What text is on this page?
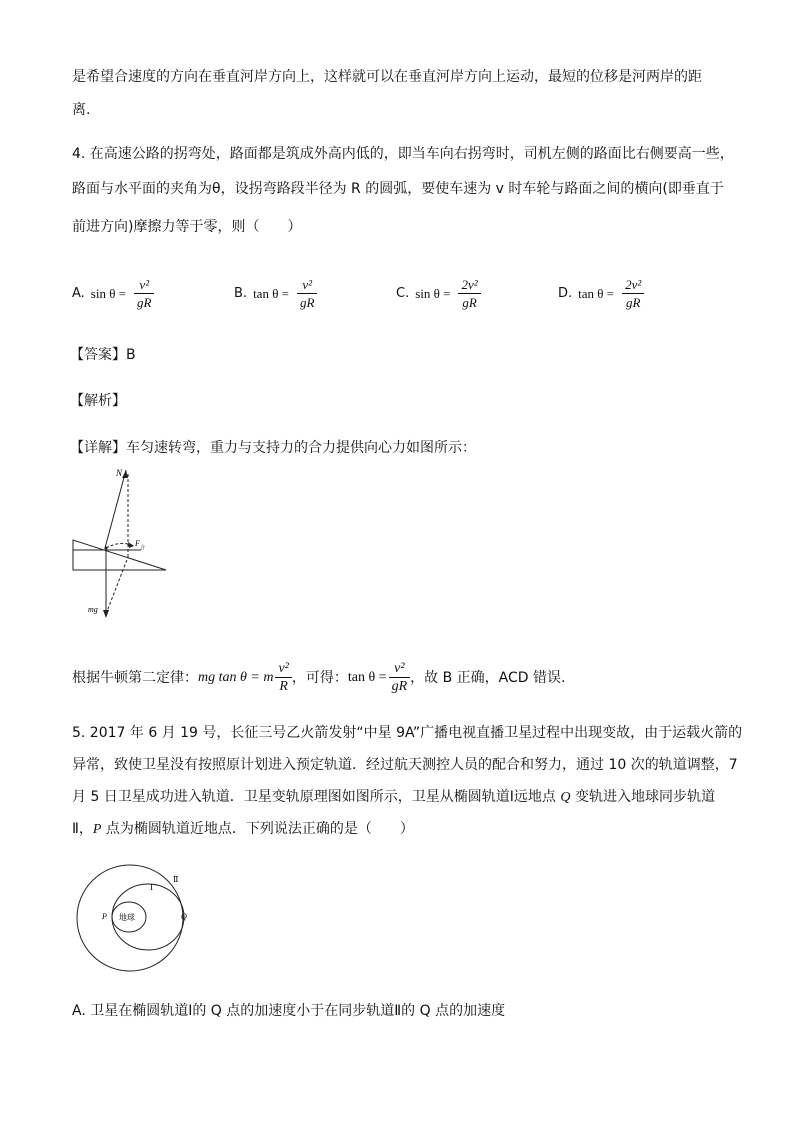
是希望合速度的方向在垂直河岸方向上，这样就可以在垂直河岸方向上运动，最短的位移是河两岸的距
离.
4. 在高速公路的拐弯处，路面都是筑成外高内低的，即当车向右拐弯时，司机左侧的路面比右侧要高一些，
路面与水平面的夹角为θ，设拐弯路段半径为 R 的圆弧，要使车速为 v 时车轮与路面之间的横向(即垂直于
前进方向)摩擦力等于零，则（　　）
A. $\sin \theta = \frac{\text{v²}}{gR}$	B. $\tan \theta = \frac{\text{v²}}{gR}$	C. $\sin \theta = \frac{\text{2v²}}{gR}$	D. $\tan \theta = \frac{\text{2v²}}{gR}$
【答案】B
【解析】
【详解】车匀速转弯，重力与支持力的合力提供向心力如图所示：
N
F
合
mg
根据牛顿第二定律： mg tan θ = m $\frac{\text{v²}}{R}$ ，可得： $\tan \theta = \frac{\text{v²}}{gR}$ ，故 B 正确，ACD 错误.
5. 2017 年 6 月 19 号，长征三号乙火箭发射“中星 9A”广播电视直播卫星过程中出现变故，由于运载火箭的
异常，致使卫星没有按照原计划进入预定轨道．经过航天测控人员的配合和努力，通过 10 次的轨道调整，7
月 5 日卫星成功进入轨道．卫星变轨原理图如图所示，卫星从椭圆轨道Ⅰ远地点 Q 变轨进入地球同步轨道
Ⅱ，P 点为椭圆轨道近地点．下列说法正确的是（　　）
地球
P	Q
Ⅰ
Ⅱ
A. 卫星在椭圆轨道Ⅰ的 Q 点的加速度小于在同步轨道Ⅱ的 Q 点的加速度
